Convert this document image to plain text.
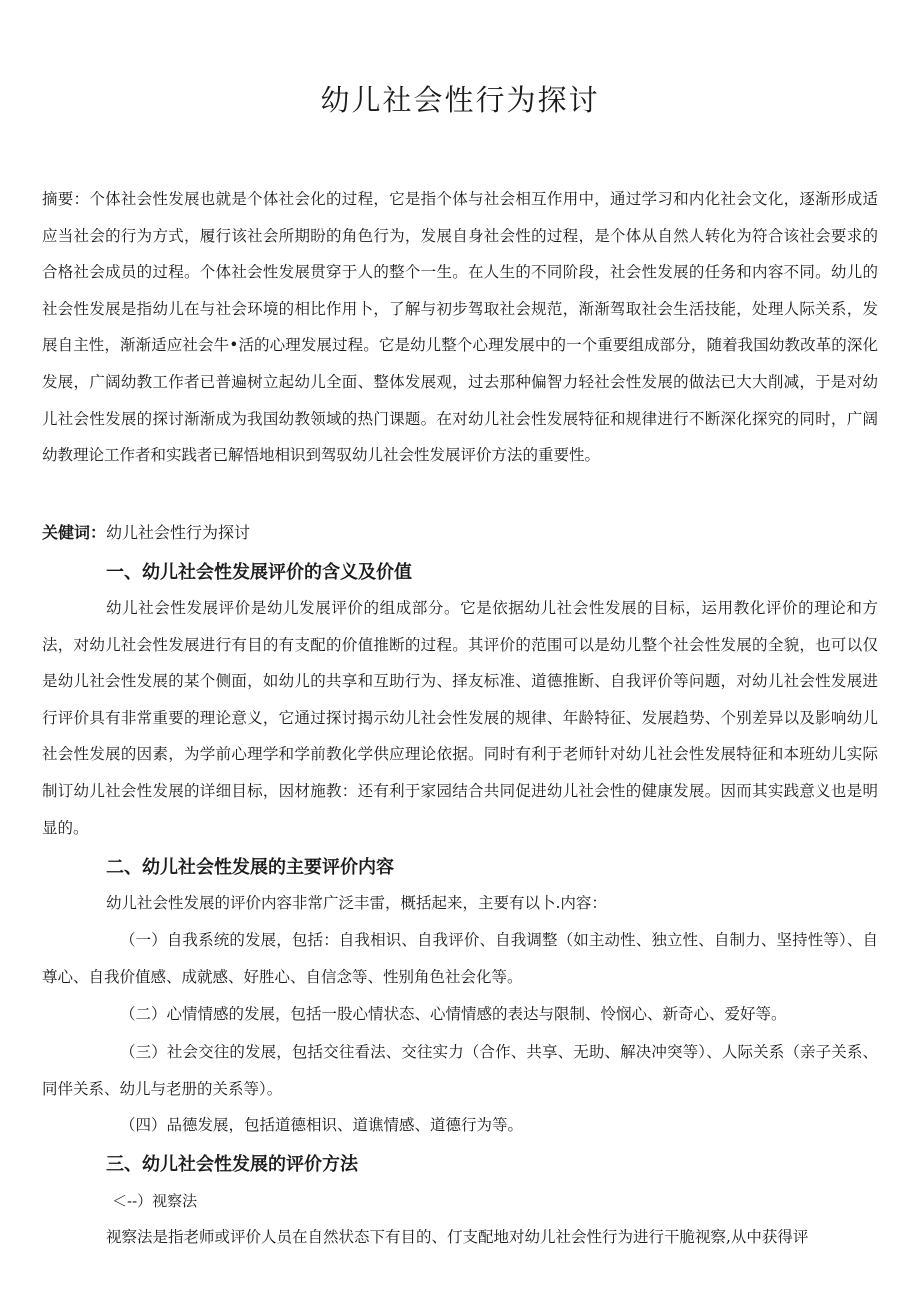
幼儿社会性行为探讨

摘要：个体社会性发展也就是个体社会化的过程，它是指个体与社会相互作用中，通过学习和内化社会文化，逐渐形成适应当社会的行为方式，履行该社会所期盼的角色行为，发展自身社会性的过程，是个体从自然人转化为符合该社会要求的合格社会成员的过程。个体社会性发展贯穿于人的整个一生。在人生的不同阶段，社会性发展的任务和内容不同。幼儿的社会性发展是指幼儿在与社会环境的相比作用卜，了解与初步驾取社会规范，渐渐驾取社会生活技能，处理人际关系，发展自主性，渐渐适应社会牛•活的心理发展过程。它是幼儿整个心理发展中的一个重要组成部分，随着我国幼教改革的深化发展，广阔幼教工作者已普遍树立起幼儿全面、整体发展观，过去那种偏智力轻社会性发展的做法已大大削减，于是对幼儿社会性发展的探讨渐渐成为我国幼教领域的热门课题。在对幼儿社会性发展特征和规律进行不断深化探究的同时，广阔幼教理论工作者和实践者已解悟地相识到驾驭幼儿社会性发展评价方法的重要性。

关健词：幼儿社会性行为探讨

一、幼儿社会性发展评价的含义及价值

幼儿社会性发展评价是幼儿发展评价的组成部分。它是依据幼儿社会性发展的目标，运用教化评价的理论和方法，对幼儿社会性发展进行有目的有支配的价值推断的过程。其评价的范围可以是幼儿整个社会性发展的全貌，也可以仅是幼儿社会性发展的某个侧面，如幼儿的共享和互助行为、择友标准、道德推断、自我评价等问题，对幼儿社会性发展进行评价具有非常重要的理论意义，它通过探讨揭示幼儿社会性发展的规律、年龄特征、发展趋势、个别差异以及影响幼儿社会性发展的因素，为学前心理学和学前教化学供应理论依据。同时有利于老师针对幼儿社会性发展特征和本班幼儿实际制订幼儿社会性发展的详细目标，因材施教：还有利于家园结合共同促进幼儿社会性的健康发展。因而其实践意义也是明显的。

二、幼儿社会性发展的主要评价内容

幼儿社会性发展的评价内容非常广泛丰雷，概括起来，主要有以卜.内容：

（一）自我系统的发展，包括：自我相识、自我评价、自我调整（如主动性、独立性、自制力、坚持性等）、自尊心、自我价值感、成就感、好胜心、自信念等、性别角色社会化等。

（二）心情情感的发展，包括一股心情状态、心情情感的表达与限制、怜悯心、新奇心、爱好等。

（三）社会交往的发展，包括交往看法、交往实力（合作、共享、无助、解决冲突等）、人际关系（亲子关系、同伴关系、幼儿与老册的关系等）。

（四）品德发展，包括道德相识、道谯情感、道德行为等。

三、幼儿社会性发展的评价方法

＜--）视察法

视察法是指老师或评价人员在自然状态下有目的、仃支配地对幼儿社会性行为进行干脆视察,从中获得评
